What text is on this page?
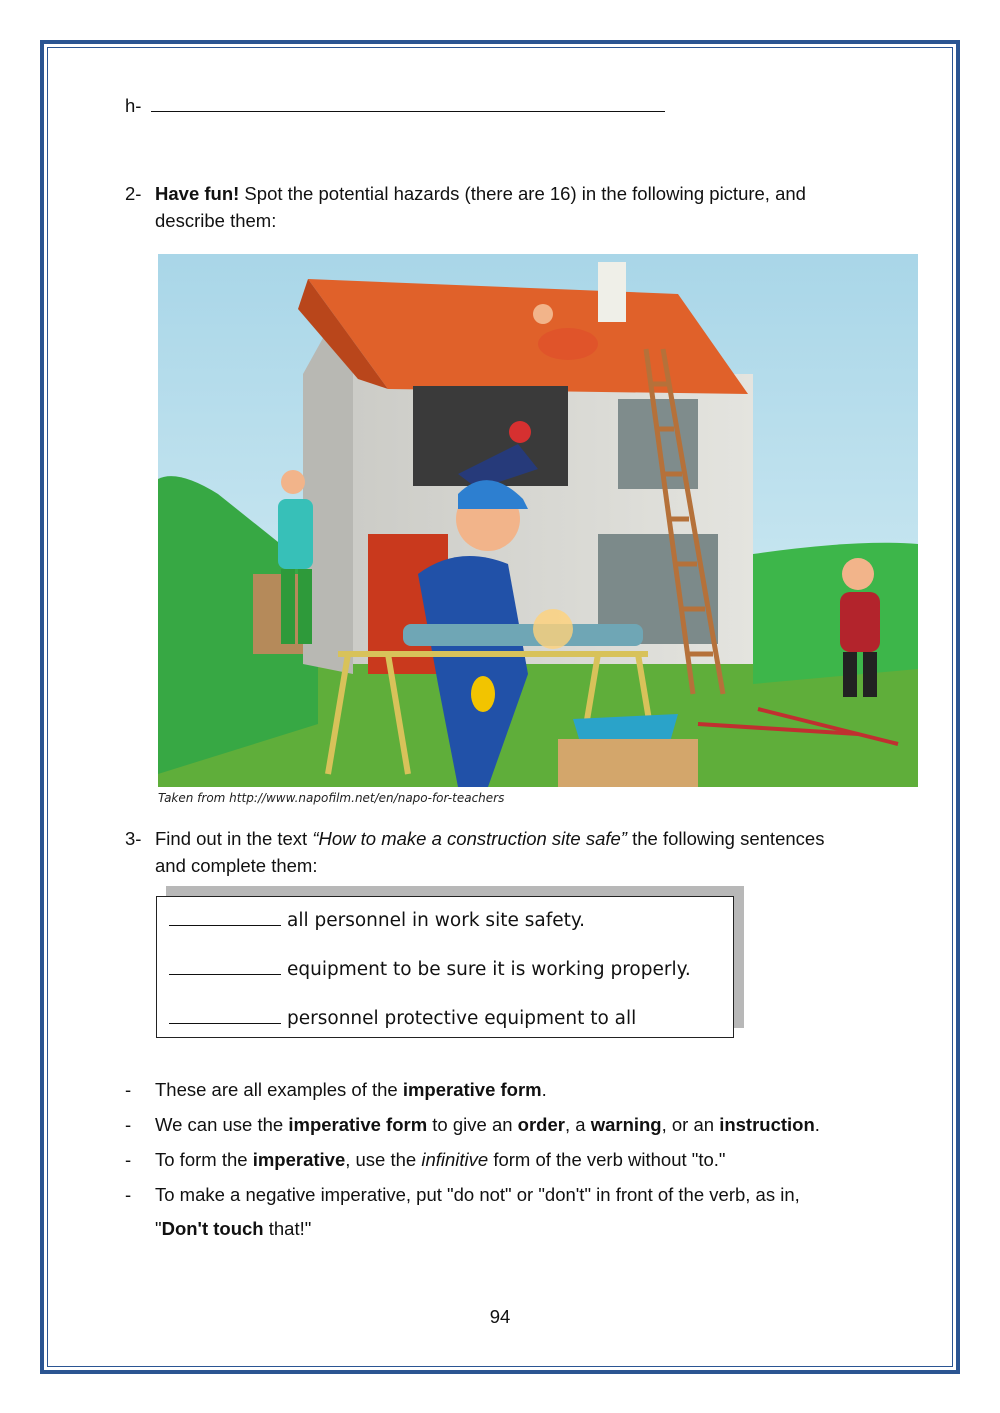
h-
2- Have fun! Spot the potential hazards (there are 16) in the following picture, and
describe them:
Taken from http://www.napofilm.net/en/napo-for-teachers
3- Find out in the text “How to make a construction site safe” the following sentences
and complete them:
all personnel in work site safety.
equipment to be sure it is working properly.
personnel protective equipment to all
- These are all examples of the imperative form.
- We can use the imperative form to give an order, a warning, or an instruction.
- To form the imperative, use the infinitive form of the verb without "to."
- To make a negative imperative, put "do not" or "don't" in front of the verb, as in,
"Don't touch that!"
94
